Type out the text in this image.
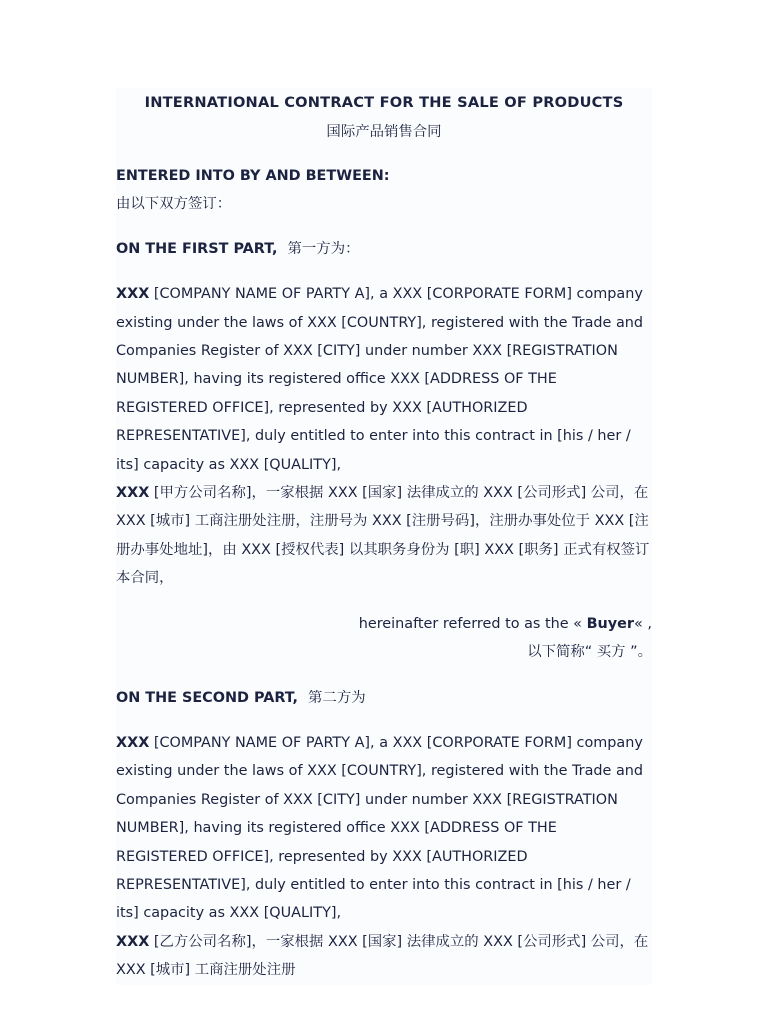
INTERNATIONAL CONTRACT FOR THE SALE OF PRODUCTS

国际产品销售合同

ENTERED INTO BY AND BETWEEN:

由以下双方签订：

ON THE FIRST PART, 第一方为：

XXX [COMPANY NAME OF PARTY A], a XXX [CORPORATE FORM] company existing under the laws of XXX [COUNTRY], registered with the Trade and Companies Register of XXX [CITY] under number XXX [REGISTRATION NUMBER], having its registered office XXX [ADDRESS OF THE REGISTERED OFFICE], represented by XXX [AUTHORIZED REPRESENTATIVE], duly entitled to enter into this contract in [his / her / its] capacity as XXX [QUALITY],

XXX [甲方公司名称]，一家根据 XXX [国家] 法律成立的 XXX [公司形式] 公司，在 XXX [城市] 工商注册处注册，注册号为 XXX [注册号码]，注册办事处位于 XXX [注册办事处地址]，由 XXX [授权代表] 以其职务身份为 [职] XXX [职务] 正式有权签订本合同，

hereinafter referred to as the « Buyer« ,

以下简称“ 买方 ”。

ON THE SECOND PART, 第二方为

XXX [COMPANY NAME OF PARTY A], a XXX [CORPORATE FORM] company existing under the laws of XXX [COUNTRY], registered with the Trade and Companies Register of XXX [CITY] under number XXX [REGISTRATION NUMBER], having its registered office XXX [ADDRESS OF THE REGISTERED OFFICE], represented by XXX [AUTHORIZED REPRESENTATIVE], duly entitled to enter into this contract in [his / her / its] capacity as XXX [QUALITY],

XXX [乙方公司名称]，一家根据 XXX [国家] 法律成立的 XXX [公司形式] 公司，在 XXX [城市] 工商注册处注册
